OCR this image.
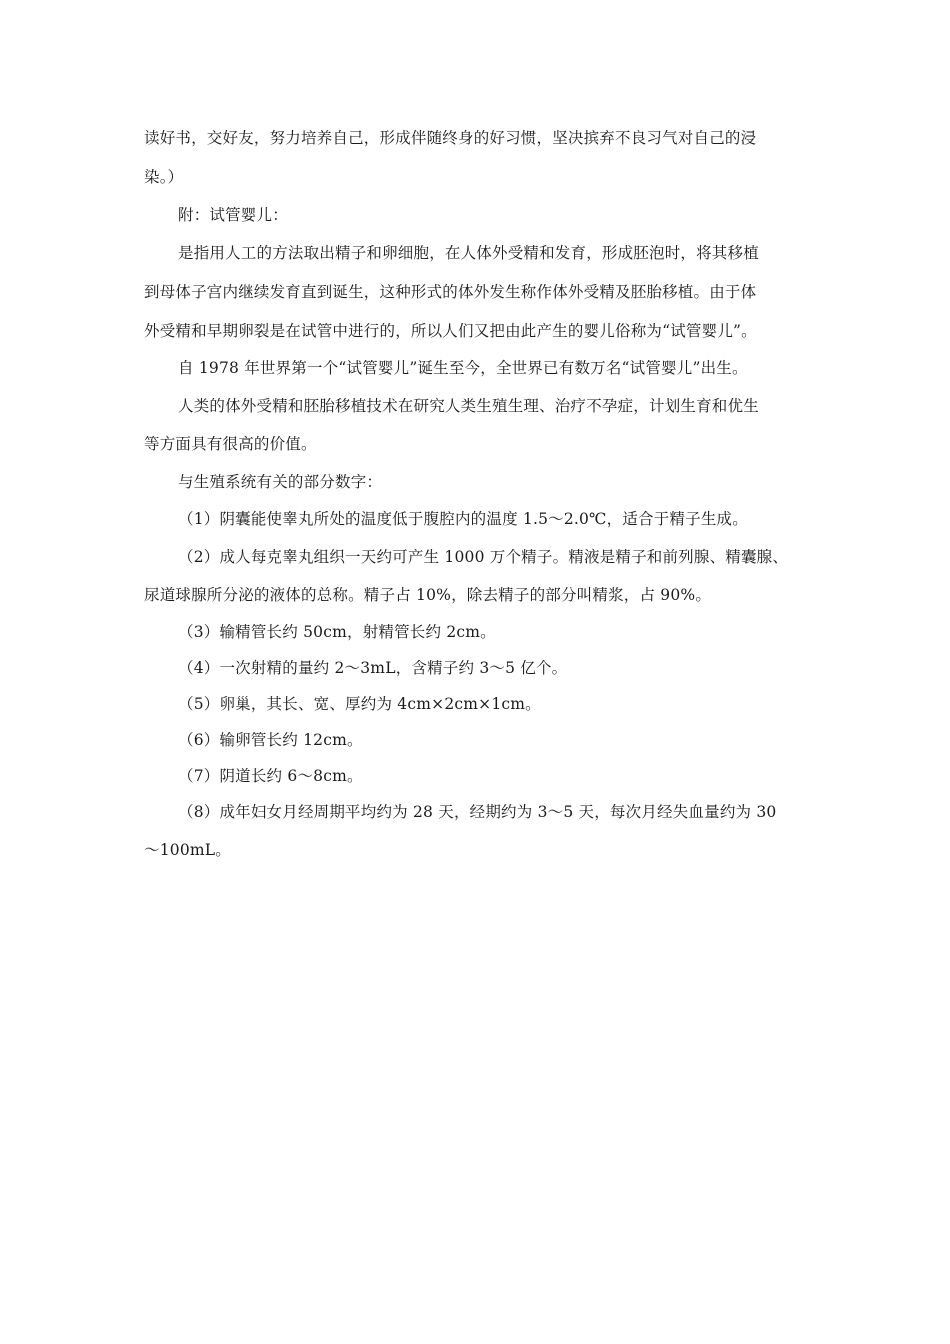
读好书，交好友，努力培养自己，形成伴随终身的好习惯，坚决摈弃不良习气对自己的浸
染。）
附：试管婴儿：
是指用人工的方法取出精子和卵细胞，在人体外受精和发育，形成胚泡时，将其移植
到母体子宫内继续发育直到诞生，这种形式的体外发生称作体外受精及胚胎移植。由于体
外受精和早期卵裂是在试管中进行的，所以人们又把由此产生的婴儿俗称为“试管婴儿”。
自 1978 年世界第一个“试管婴儿”诞生至今，全世界已有数万名“试管婴儿”出生。
人类的体外受精和胚胎移植技术在研究人类生殖生理、治疗不孕症，计划生育和优生
等方面具有很高的价值。
与生殖系统有关的部分数字：
（1）阴囊能使睾丸所处的温度低于腹腔内的温度 1.5～2.0℃，适合于精子生成。
（2）成人每克睾丸组织一天约可产生 1000 万个精子。精液是精子和前列腺、精囊腺、
尿道球腺所分泌的液体的总称。精子占 10%，除去精子的部分叫精浆，占 90%。
（3）输精管长约 50cm，射精管长约 2cm。
（4）一次射精的量约 2～3mL，含精子约 3～5 亿个。
（5）卵巢，其长、宽、厚约为 4cm×2cm×1cm。
（6）输卵管长约 12cm。
（7）阴道长约 6～8cm。
（8）成年妇女月经周期平均约为 28 天，经期约为 3～5 天，每次月经失血量约为 30
～100mL。
